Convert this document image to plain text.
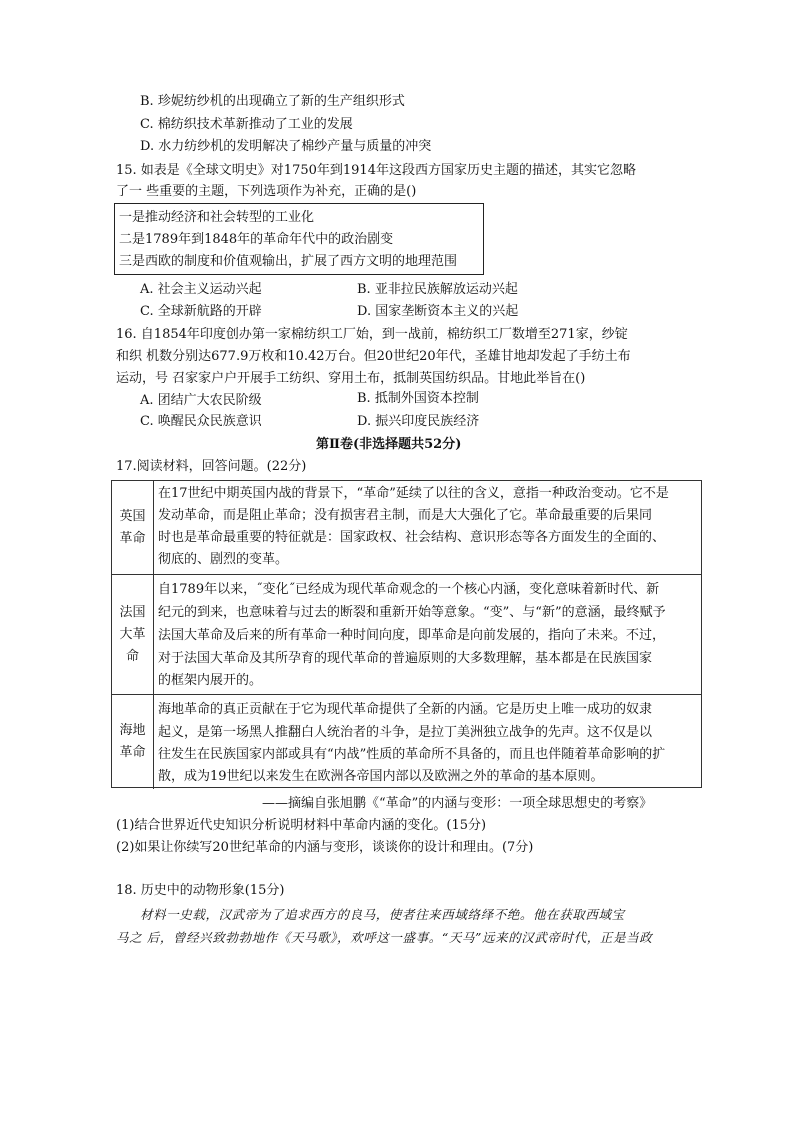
B. 珍妮纺纱机的出现确立了新的生产组织形式
C. 棉纺织技术革新推动了工业的发展
D. 水力纺纱机的发明解决了棉纱产量与质量的冲突
15. 如表是《全球文明史》对1750年到1914年这段西方国家历史主题的描述，其实它忽略
了一 些重要的主题，下列选项作为补充，正确的是()
一是推动经济和社会转型的工业化
二是1789年到1848年的革命年代中的政治剧变
三是西欧的制度和价值观输出，扩展了西方文明的地理范围
A. 社会主义运动兴起	B. 亚非拉民族解放运动兴起
C. 全球新航路的开辟	D. 国家垄断资本主义的兴起
16. 自1854年印度创办第一家棉纺织工厂始，到一战前，棉纺织工厂数增至271家，纱锭
和织 机数分别达677.9万枚和10.42万台。但20世纪20年代，圣雄甘地却发起了手纺土布
运动，号 召家家户户开展手工纺织、穿用土布，抵制英国纺织品。甘地此举旨在()
A. 团结广大农民阶级	B. 抵制外国资本控制
C. 唤醒民众民族意识	D. 振兴印度民族经济
第Ⅱ卷(非选择题共52分)
17.阅读材料，回答问题。(22分)
英国革命
在17世纪中期英国内战的背景下，“革命”延续了以往的含义，意指一种政治变动。它不是
发动革命，而是阻止革命；没有损害君主制，而是大大强化了它。革命最重要的后果同
时也是革命最重要的特征就是：国家政权、社会结构、意识形态等各方面发生的全面的、
彻底的、剧烈的变革。
法国大革命
自1789年以来，˝变化˝已经成为现代革命观念的一个核心内涵，变化意味着新时代、新
纪元的到来，也意味着与过去的断裂和重新开始等意象。“变”、与“新”的意涵，最终赋予
法国大革命及后来的所有革命一种时间向度，即革命是向前发展的，指向了未来。不过，
对于法国大革命及其所孕育的现代革命的普遍原则的大多数理解，基本都是在民族国家
的框架内展开的。
海地革命
海地革命的真正贡献在于它为现代革命提供了全新的内涵。它是历史上唯一成功的奴隶
起义，是第一场黑人推翻白人统治者的斗争，是拉丁美洲独立战争的先声。这不仅是以
往发生在民族国家内部或具有“内战”性质的革命所不具备的，而且也伴随着革命影响的扩
散，成为19世纪以来发生在欧洲各帝国内部以及欧洲之外的革命的基本原则。
——摘编自张旭鹏《“革命”的内涵与变形：一项全球思想史的考察》
(1)结合世界近代史知识分析说明材料中革命内涵的变化。(15分)
(2)如果让你续写20世纪革命的内涵与变形，谈谈你的设计和理由。(7分)
18. 历史中的动物形象(15分)
材料一史载，汉武帝为了追求西方的良马，使者往来西域络绎不绝。他在获取西域宝
马之 后，曾经兴致勃勃地作《天马歌》，欢呼这一盛事。“天马”远来的汉武帝时代，正是当政
